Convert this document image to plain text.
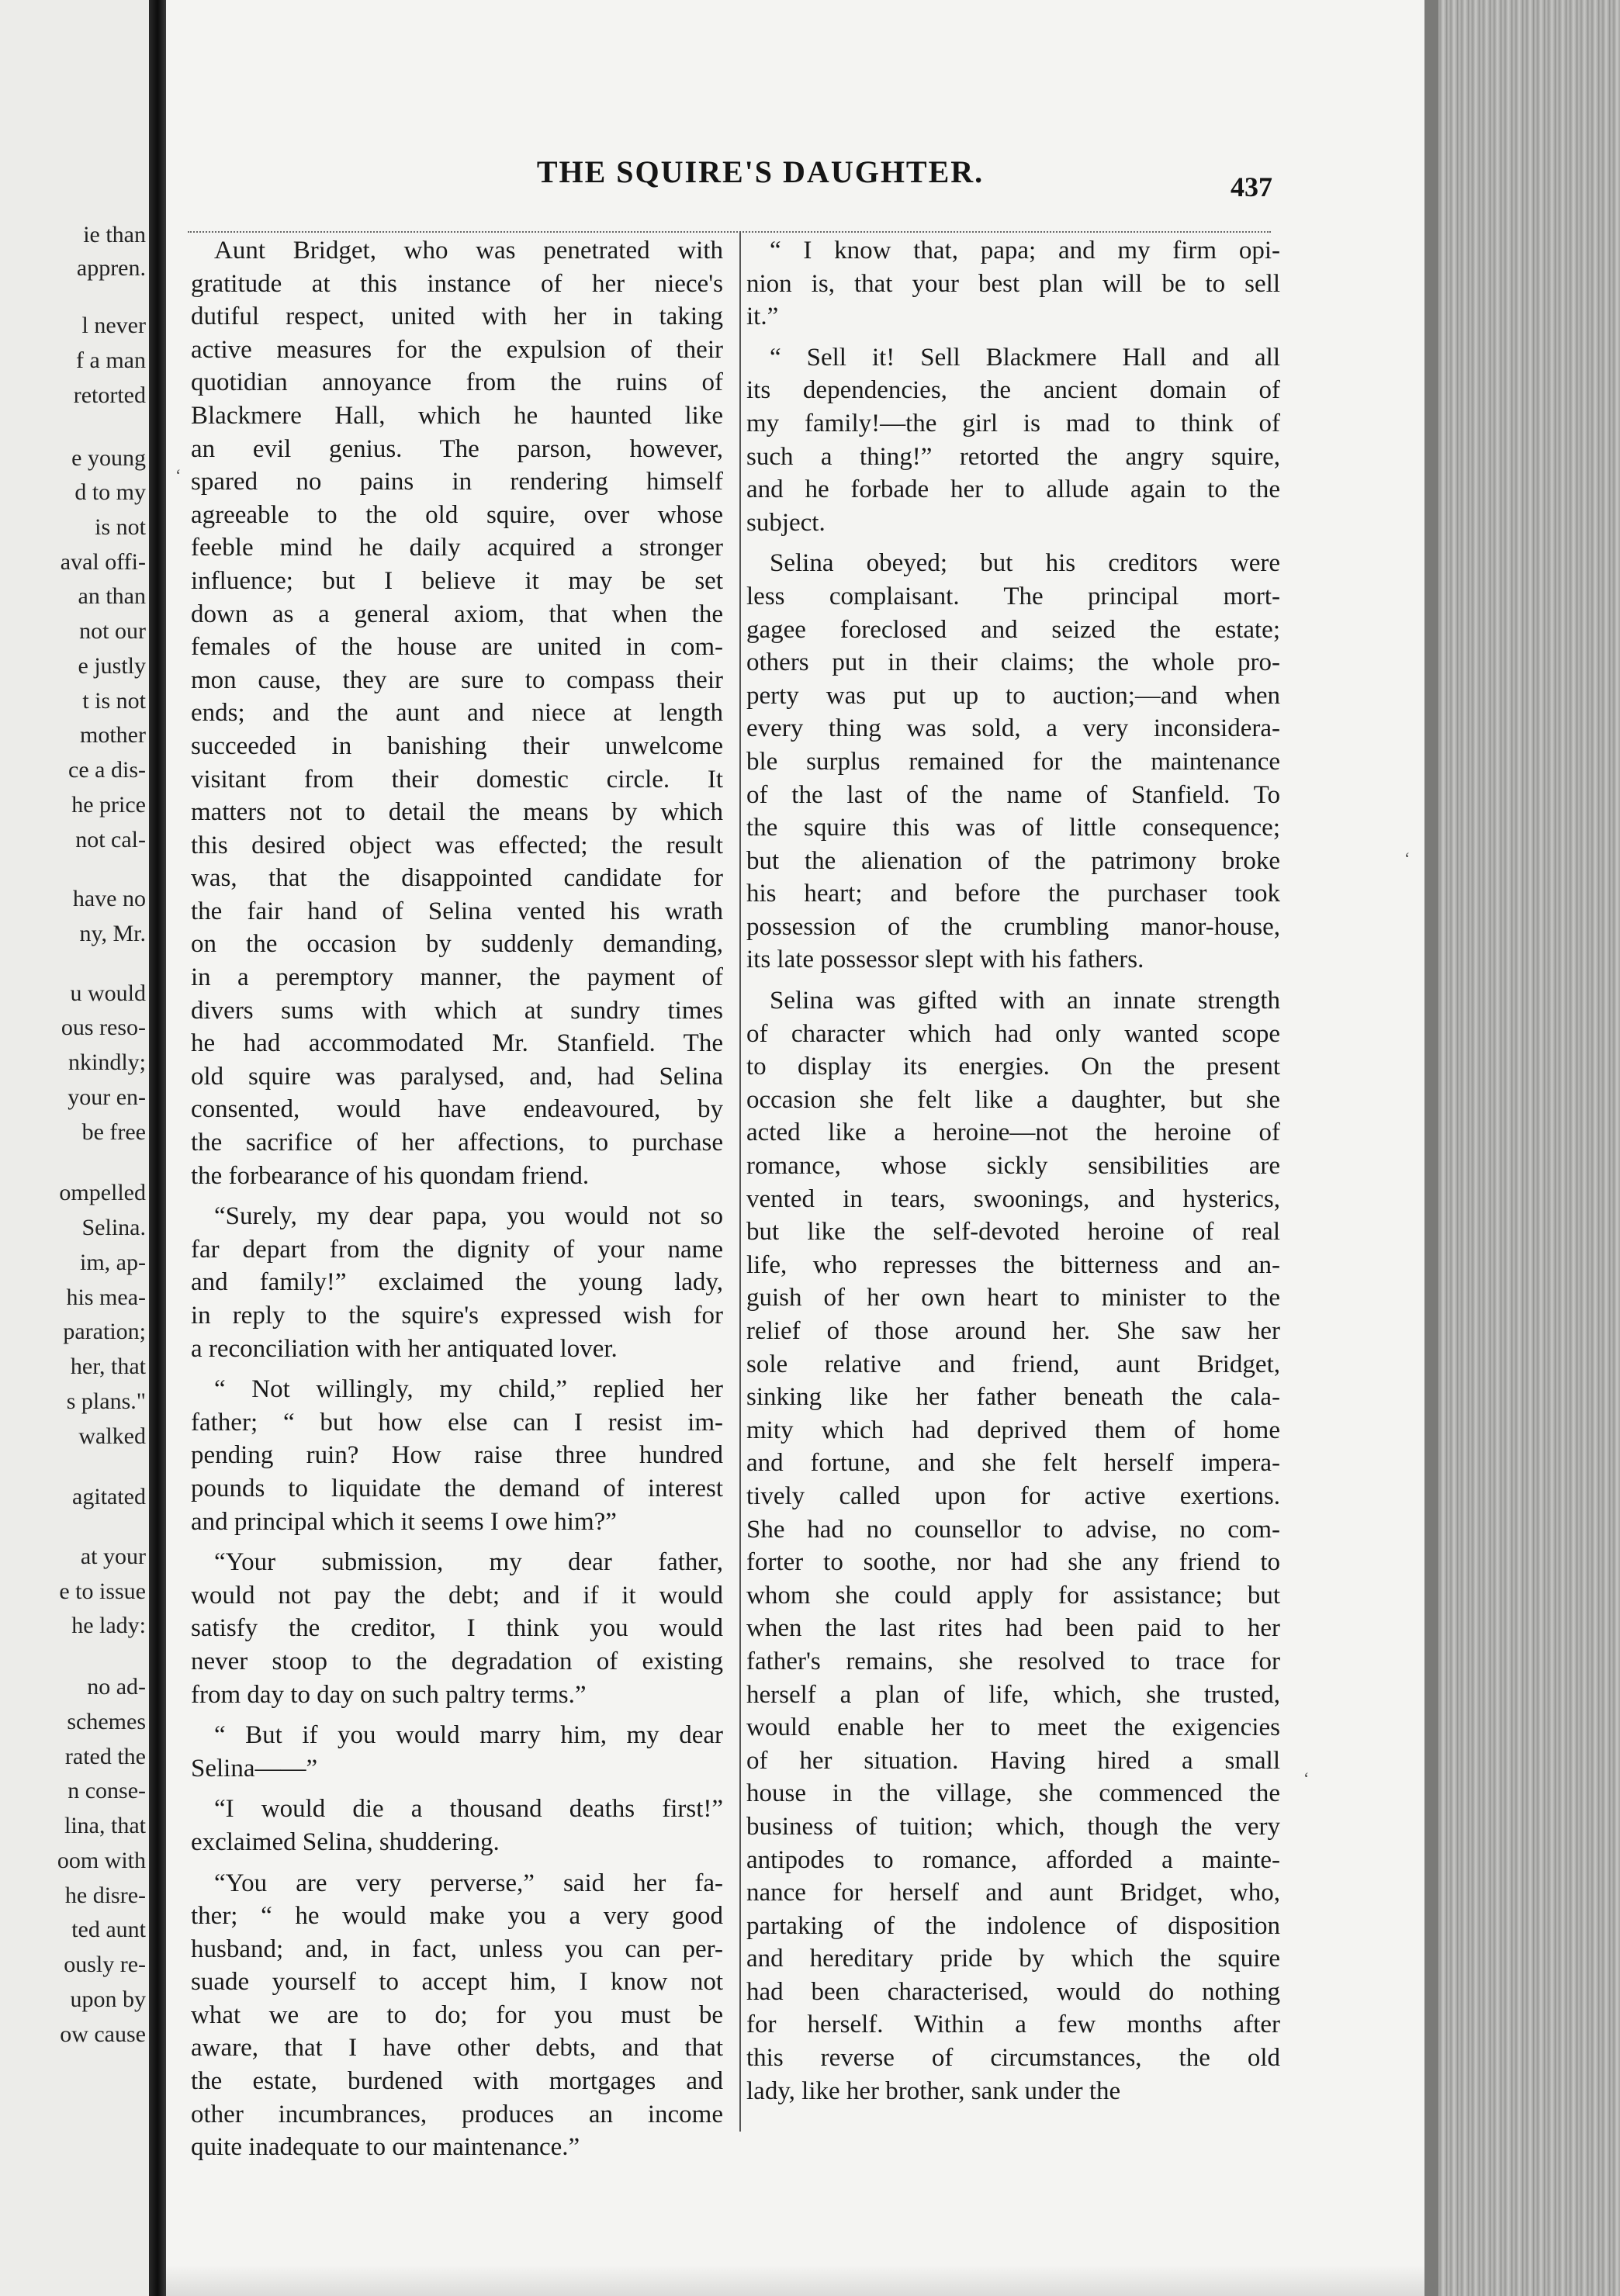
ie than
appren.
l never
f a man
retorted
e young
d to my
is not
aval offi-
an than
not our
e justly
t is not
mother
ce a dis-
he price
not cal-
have no
ny, Mr.
u would
ous reso-
nkindly;
your en-
be free
ompelled
Selina.
im, ap-
his mea-
paration;
her, that
s plans."
walked
agitated
at your
e to issue
he lady:
no ad-
schemes
rated the
n conse-
lina, that
oom with
he disre-
ted aunt
ously re-
upon by
ow cause
THE SQUIRE'S DAUGHTER.	437
Aunt Bridget, who was penetrated with
gratitude at this instance of her niece's
dutiful respect, united with her in taking
active measures for the expulsion of their
quotidian annoyance from the ruins of
Blackmere Hall, which he haunted like
an evil genius. The parson, however,
spared no pains in rendering himself
agreeable to the old squire, over whose
feeble mind he daily acquired a stronger
influence; but I believe it may be set
down as a general axiom, that when the
females of the house are united in com-
mon cause, they are sure to compass their
ends; and the aunt and niece at length
succeeded in banishing their unwelcome
visitant from their domestic circle. It
matters not to detail the means by which
this desired object was effected; the result
was, that the disappointed candidate for
the fair hand of Selina vented his wrath
on the occasion by suddenly demanding,
in a peremptory manner, the payment of
divers sums with which at sundry times
he had accommodated Mr. Stanfield. The
old squire was paralysed, and, had Selina
consented, would have endeavoured, by
the sacrifice of her affections, to purchase
the forbearance of his quondam friend.
“Surely, my dear papa, you would not so
far depart from the dignity of your name
and family!” exclaimed the young lady,
in reply to the squire's expressed wish for
a reconciliation with her antiquated lover.
“ Not willingly, my child,” replied her
father; “ but how else can I resist im-
pending ruin? How raise three hundred
pounds to liquidate the demand of interest
and principal which it seems I owe him?”
“Your submission, my dear father,
would not pay the debt; and if it would
satisfy the creditor, I think you would
never stoop to the degradation of existing
from day to day on such paltry terms.”
“ But if you would marry him, my dear
Selina——”
“I would die a thousand deaths first!”
exclaimed Selina, shuddering.
“You are very perverse,” said her fa-
ther; “ he would make you a very good
husband; and, in fact, unless you can per-
suade yourself to accept him, I know not
what we are to do; for you must be
aware, that I have other debts, and that
the estate, burdened with mortgages and
other incumbrances, produces an income
quite inadequate to our maintenance.”
“ I know that, papa; and my firm opi-
nion is, that your best plan will be to sell
it.”
“ Sell it! Sell Blackmere Hall and all
its dependencies, the ancient domain of
my family!—the girl is mad to think of
such a thing!” retorted the angry squire,
and he forbade her to allude again to the
subject.
Selina obeyed; but his creditors were
less complaisant. The principal mort-
gagee foreclosed and seized the estate;
others put in their claims; the whole pro-
perty was put up to auction;—and when
every thing was sold, a very inconsidera-
ble surplus remained for the maintenance
of the last of the name of Stanfield. To
the squire this was of little consequence;
but the alienation of the patrimony broke
his heart; and before the purchaser took
possession of the crumbling manor-house,
its late possessor slept with his fathers.
Selina was gifted with an innate strength
of character which had only wanted scope
to display its energies. On the present
occasion she felt like a daughter, but she
acted like a heroine—not the heroine of
romance, whose sickly sensibilities are
vented in tears, swoonings, and hysterics,
but like the self-devoted heroine of real
life, who represses the bitterness and an-
guish of her own heart to minister to the
relief of those around her. She saw her
sole relative and friend, aunt Bridget,
sinking like her father beneath the cala-
mity which had deprived them of home
and fortune, and she felt herself impera-
tively called upon for active exertions.
She had no counsellor to advise, no com-
forter to soothe, nor had she any friend to
whom she could apply for assistance; but
when the last rites had been paid to her
father's remains, she resolved to trace for
herself a plan of life, which, she trusted,
would enable her to meet the exigencies
of her situation. Having hired a small
house in the village, she commenced the
business of tuition; which, though the very
antipodes to romance, afforded a mainte-
nance for herself and aunt Bridget, who,
partaking of the indolence of disposition
and hereditary pride by which the squire
had been characterised, would do nothing
for herself. Within a few months after
this reverse of circumstances, the old
lady, like her brother, sank under the
‘
‘
‘
